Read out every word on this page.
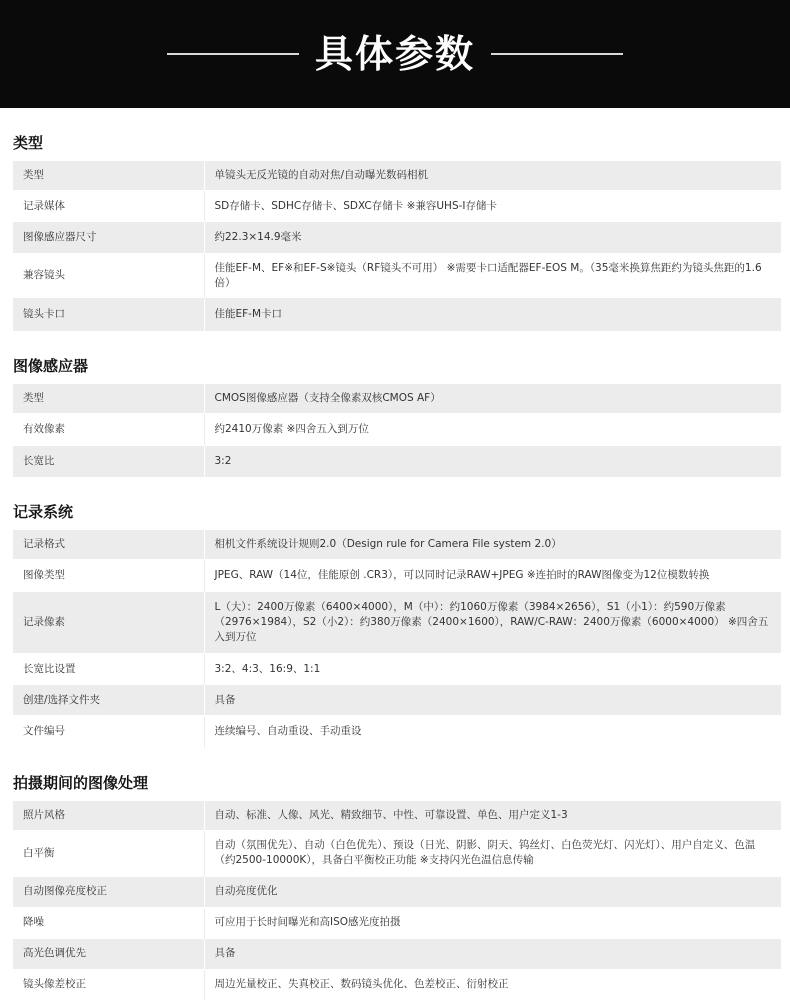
具体参数
类型
类型	单镜头无反光镜的自动对焦/自动曝光数码相机
记录媒体	SD存储卡、SDHC存储卡、SDXC存储卡 ※兼容UHS-I存储卡
图像感应器尺寸	约22.3×14.9毫米
兼容镜头	佳能EF-M、EF※和EF-S※镜头（RF镜头不可用） ※需要卡口适配器EF-EOS M。（35毫米换算焦距约为镜头焦距的1.6倍）
镜头卡口	佳能EF-M卡口
图像感应器
类型	CMOS图像感应器（支持全像素双核CMOS AF）
有效像素	约2410万像素 ※四舍五入到万位
长宽比	3:2
记录系统
记录格式	相机文件系统设计规则2.0（Design rule for Camera File system 2.0）
图像类型	JPEG、RAW（14位，佳能原创 .CR3），可以同时记录RAW+JPEG ※连拍时的RAW图像变为12位模数转换
记录像素	L（大）：2400万像素（6400×4000），M（中）：约1060万像素（3984×2656），S1（小1）：约590万像素（2976×1984），S2（小2）：约380万像素（2400×1600），RAW/C-RAW：2400万像素（6000×4000） ※四舍五入到万位
长宽比设置	3:2、4:3、16:9、1:1
创建/选择文件夹	具备
文件编号	连续编号、自动重设、手动重设
拍摄期间的图像处理
照片风格	自动、标准、人像、风光、精致细节、中性、可靠设置、单色、用户定义1-3
白平衡	自动（氛围优先）、自动（白色优先）、预设（日光、阴影、阴天、钨丝灯、白色荧光灯、闪光灯）、用户自定义、色温（约2500-10000K），具备白平衡校正功能 ※支持闪光色温信息传输
自动图像亮度校正	自动亮度优化
降噪	可应用于长时间曝光和高ISO感光度拍摄
高光色调优先	具备
镜头像差校正	周边光量校正、失真校正、数码镜头优化、色差校正、衍射校正
